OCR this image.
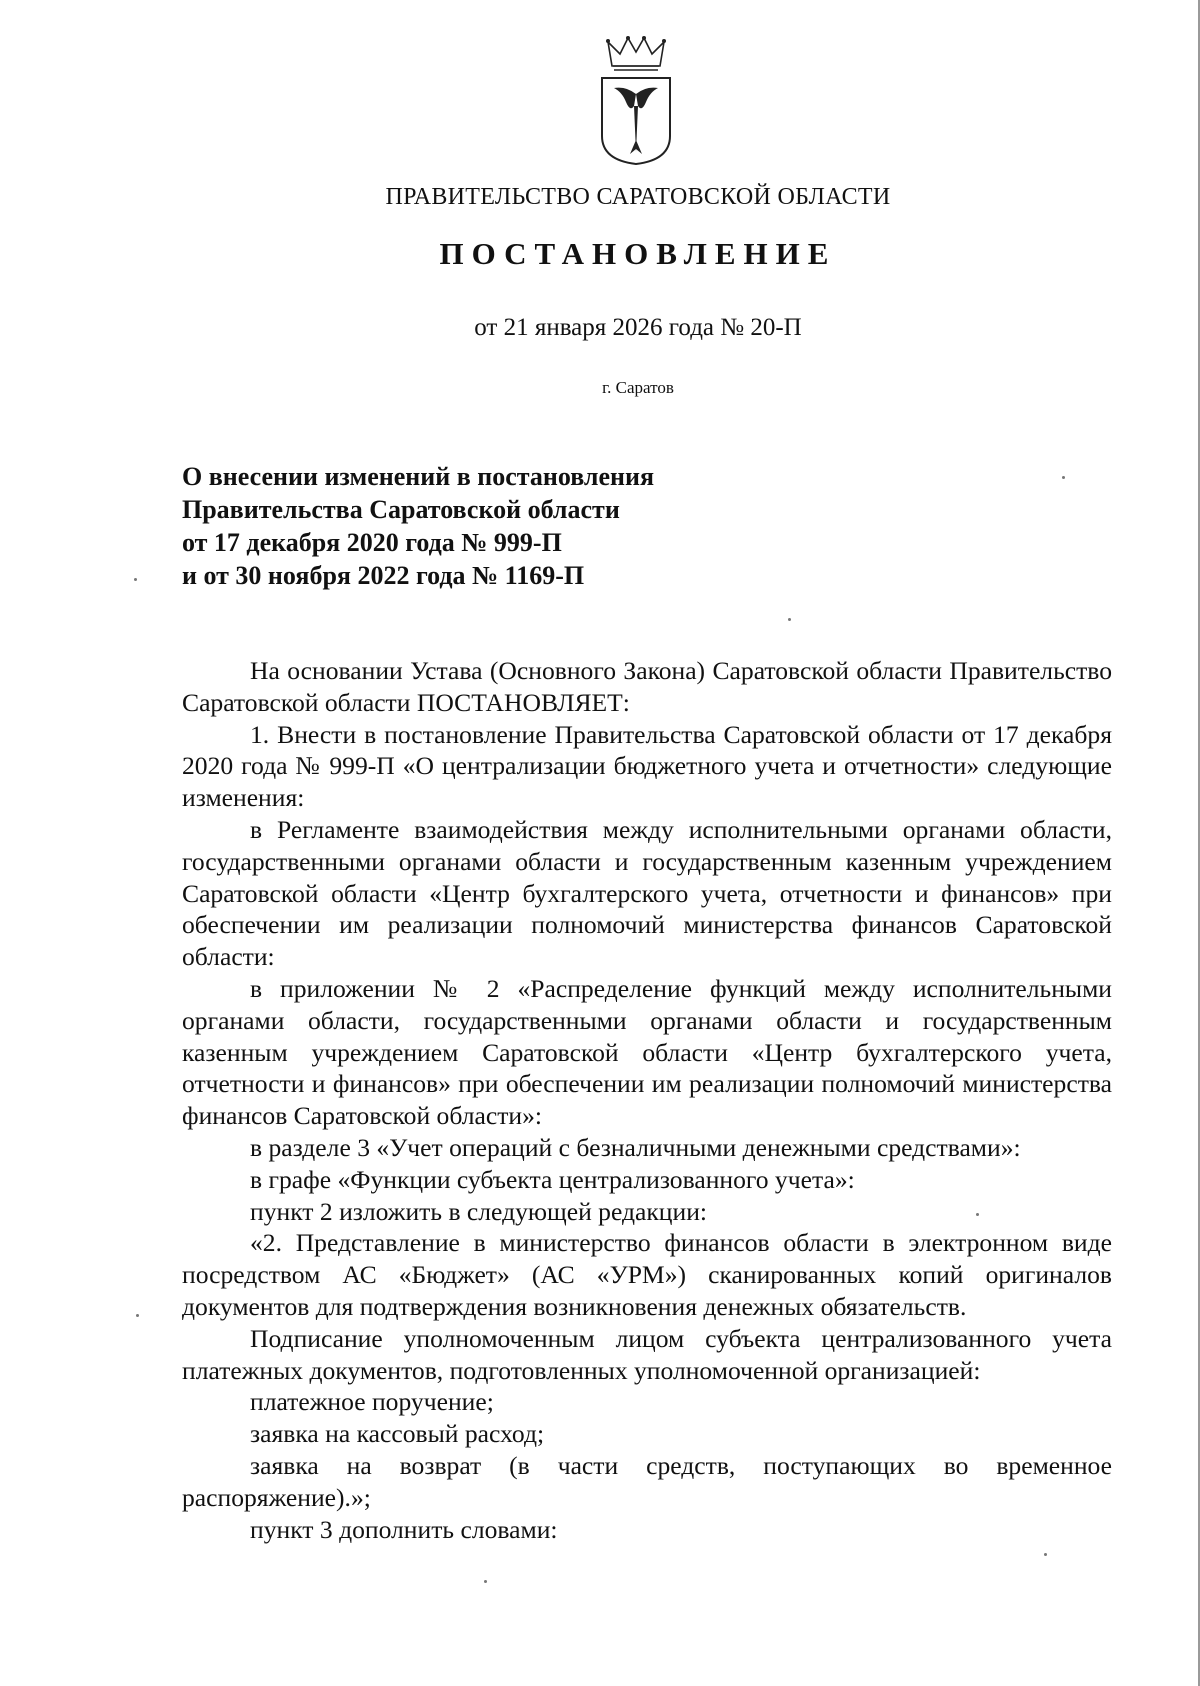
ПРАВИТЕЛЬСТВО САРАТОВСКОЙ ОБЛАСТИ
ПОСТАНОВЛЕНИЕ
от 21 января 2026 года № 20-П
г. Саратов
О внесении изменений в постановления
Правительства Саратовской области
от 17 декабря 2020 года № 999-П
и от 30 ноября 2022 года № 1169-П

На основании Устава (Основного Закона) Саратовской области Правительство Саратовской области ПОСТАНОВЛЯЕТ:

1. Внести в постановление Правительства Саратовской области от 17 декабря 2020 года № 999-П «О централизации бюджетного учета и отчетности» следующие изменения:

в Регламенте взаимодействия между исполнительными органами области, государственными органами области и государственным казенным учреждением Саратовской области «Центр бухгалтерского учета, отчетности и финансов» при обеспечении им реализации полномочий министерства финансов Саратовской области:

в приложении № 2 «Распределение функций между исполнительными органами области, государственными органами области и государственным казенным учреждением Саратовской области «Центр бухгалтерского учета, отчетности и финансов» при обеспечении им реализации полномочий министерства финансов Саратовской области»:

в разделе 3 «Учет операций с безналичными денежными средствами»:

в графе «Функции субъекта централизованного учета»:

пункт 2 изложить в следующей редакции:

«2. Представление в министерство финансов области в электронном виде посредством АС «Бюджет» (АС «УРМ») сканированных копий оригиналов документов для подтверждения возникновения денежных обязательств.

Подписание уполномоченным лицом субъекта централизованного учета платежных документов, подготовленных уполномоченной организацией:

платежное поручение;

заявка на кассовый расход;

заявка на возврат (в части средств, поступающих во временное распоряжение).»;

пункт 3 дополнить словами:
